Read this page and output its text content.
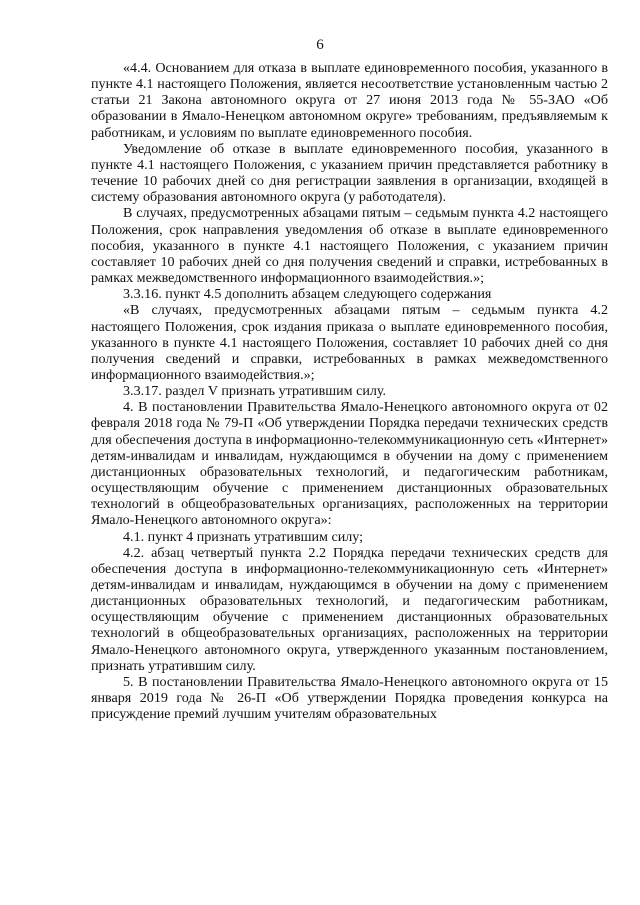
6

«4.4. Основанием для отказа в выплате единовременного пособия, указанного в пункте 4.1 настоящего Положения, является несоответствие установленным частью 2 статьи 21 Закона автономного округа от 27 июня 2013 года № 55-ЗАО «Об образовании в Ямало-Ненецком автономном округе» требованиям, предъявляемым к работникам, и условиям по выплате единовременного пособия.

Уведомление об отказе в выплате единовременного пособия, указанного в пункте 4.1 настоящего Положения, с указанием причин представляется работнику в течение 10 рабочих дней со дня регистрации заявления в организации, входящей в систему образования автономного округа (у работодателя).

В случаях, предусмотренных абзацами пятым – седьмым пункта 4.2 настоящего Положения, срок направления уведомления об отказе в выплате единовременного пособия, указанного в пункте 4.1 настоящего Положения, с указанием причин составляет 10 рабочих дней со дня получения сведений и справки, истребованных в рамках межведомственного информационного взаимодействия.»;

3.3.16. пункт 4.5 дополнить абзацем следующего содержания

«В случаях, предусмотренных абзацами пятым – седьмым пункта 4.2 настоящего Положения, срок издания приказа о выплате единовременного пособия, указанного в пункте 4.1 настоящего Положения, составляет 10 рабочих дней со дня получения сведений и справки, истребованных в рамках межведомственного информационного взаимодействия.»;

3.3.17. раздел V признать утратившим силу.

4. В постановлении Правительства Ямало-Ненецкого автономного округа от 02 февраля 2018 года № 79-П «Об утверждении Порядка передачи технических средств для обеспечения доступа в информационно-телекоммуникационную сеть «Интернет» детям-инвалидам и инвалидам, нуждающимся в обучении на дому с применением дистанционных образовательных технологий, и педагогическим работникам, осуществляющим обучение с применением дистанционных образовательных технологий в общеобразовательных организациях, расположенных на территории Ямало-Ненецкого автономного округа»:

4.1. пункт 4 признать утратившим силу;

4.2. абзац четвертый пункта 2.2 Порядка передачи технических средств для обеспечения доступа в информационно-телекоммуникационную сеть «Интернет» детям-инвалидам и инвалидам, нуждающимся в обучении на дому с применением дистанционных образовательных технологий, и педагогическим работникам, осуществляющим обучение с применением дистанционных образовательных технологий в общеобразовательных организациях, расположенных на территории Ямало-Ненецкого автономного округа, утвержденного указанным постановлением, признать утратившим силу.

5. В постановлении Правительства Ямало-Ненецкого автономного округа от 15 января 2019 года № 26-П «Об утверждении Порядка проведения конкурса на присуждение премий лучшим учителям образовательных
